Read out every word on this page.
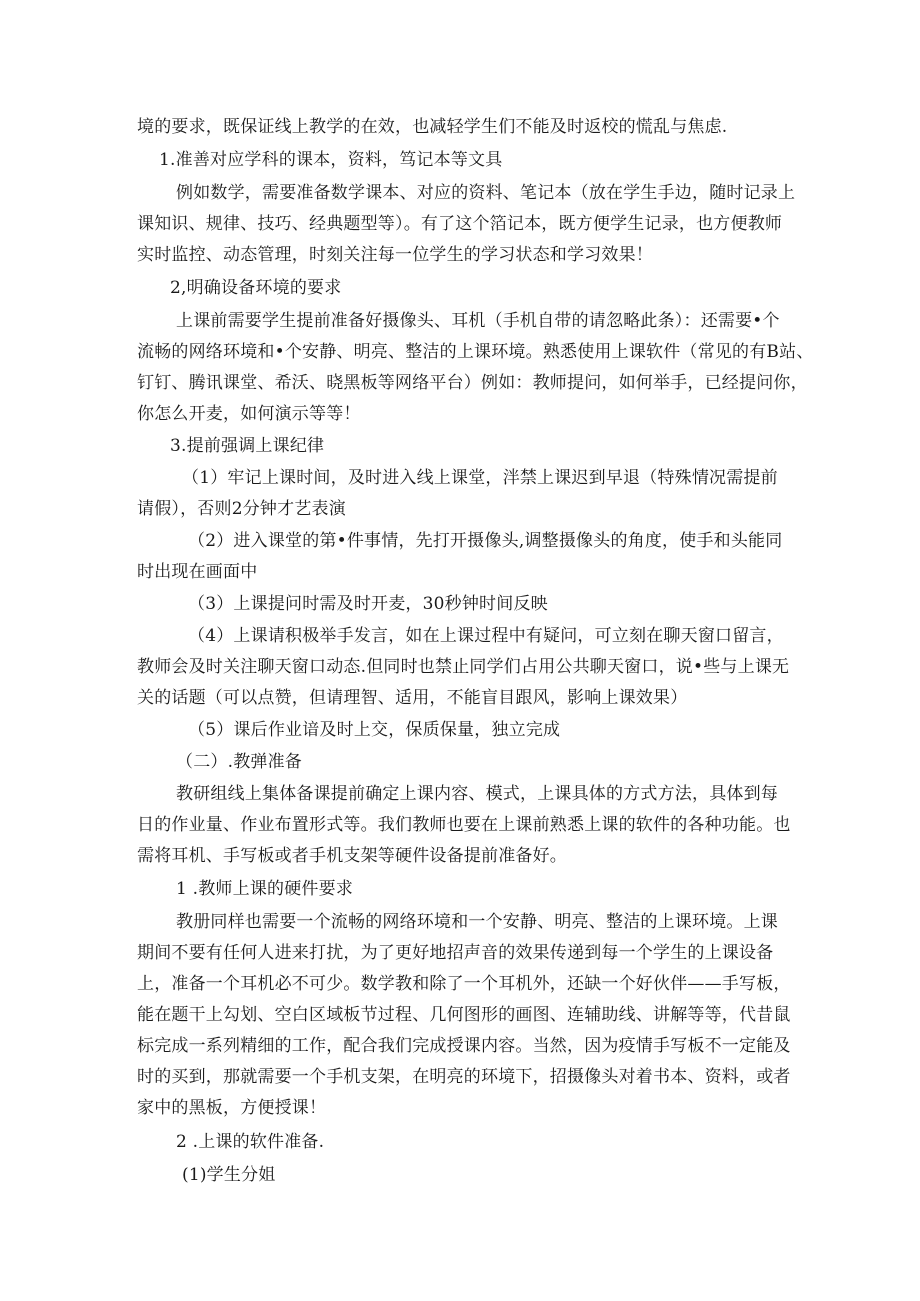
境的要求，既保证线上教学的在效，也减轻学生们不能及时返校的慌乱与焦虑.
1.准善对应学科的课本，资料，笃记本等文具
例如数学，需要准备数学课本、对应的资料、笔记本（放在学生手边，随时记录上
课知识、规律、技巧、经典题型等）。有了这个箔记本，既方便学生记录，也方便教师
实时监控、动态管理，时刻关注每一位学生的学习状态和学习效果！
2,明确设备环境的要求
上课前需要学生提前准备好摄像头、耳机（手机自带的请忽略此条）：还需要•个
流畅的网络环境和•个安静、明亮、整洁的上课环境。熟悉使用上课软件（常见的有B站、
钉钉、腾讯课堂、希沃、晓黑板等网络平台）例如：教师提问，如何举手，已经提问你，
你怎么开麦，如何演示等等！
3.提前强调上课纪律
（1）牢记上课时间，及时进入线上课堂，泮禁上课迟到早退（特殊情况需提前
请假），否则2分钟才艺表演
（2）进入课堂的第•件事情，先打开摄像头,调整摄像头的角度，使手和头能同
时出现在画面中
（3）上课提问时需及时开麦，30秒钟时间反映
（4）上课请积极举手发言，如在上课过程中有疑问，可立刻在聊天窗口留言，
教师会及时关注聊天窗口动态.但同时也禁止同学们占用公共聊天窗口，说•些与上课无
关的话题（可以点赞，但请理智、适用，不能盲目跟风，影响上课效果）
（5）课后作业谙及时上交，保质保量，独立完成
（二）.教弹准备
教研组线上集体备课提前确定上课内容、模式，上课具体的方式方法，具体到每
日的作业量、作业布置形式等。我们教师也要在上课前熟悉上课的软件的各种功能。也
需将耳机、手写板或者手机支架等硬件设备提前准备好。
1 .教师上课的硬件要求
教册同样也需要一个流畅的网络环境和一个安静、明亮、整洁的上课环境。上课
期间不要有任何人进来打扰，为了更好地招声音的效果传递到每一个学生的上课设备
上，准备一个耳机必不可少。数学教和除了一个耳机外，还缺一个好伙伴——手写板，
能在题干上勾划、空白区域板节过程、几何图形的画图、连辅助线、讲解等等，代昔鼠
标完成一系列精细的工作，配合我们完成授课内容。当然，因为疫情手写板不一定能及
时的买到，那就需要一个手机支架，在明亮的环境下，招摄像头对着书本、资料，或者
家中的黑板，方便授课！
2 .上课的软件准备.
(1)学生分姐
